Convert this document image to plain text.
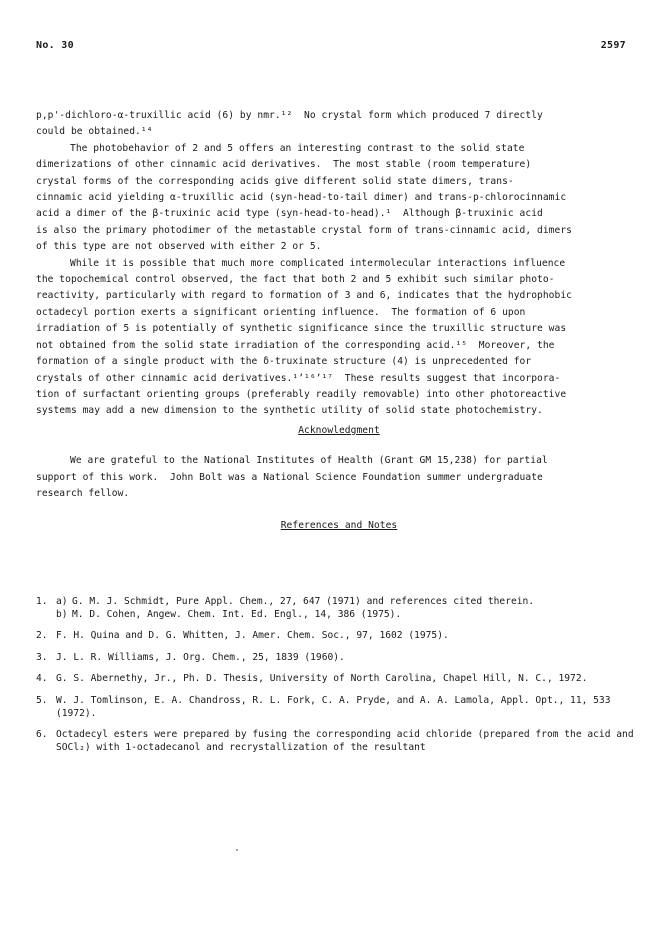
No. 30	2597
p,p'-dichloro-α-truxillic acid (6) by nmr.¹²  No crystal form which produced 7 directly
could be obtained.¹⁴
The photobehavior of 2 and 5 offers an interesting contrast to the solid state
dimerizations of other cinnamic acid derivatives.  The most stable (room temperature)
crystal forms of the corresponding acids give different solid state dimers, trans-
cinnamic acid yielding α-truxillic acid (syn-head-to-tail dimer) and trans-p-chlorocinnamic
acid a dimer of the β-truxinic acid type (syn-head-to-head).¹  Although β-truxinic acid
is also the primary photodimer of the metastable crystal form of trans-cinnamic acid, dimers
of this type are not observed with either 2 or 5.
While it is possible that much more complicated intermolecular interactions influence
the topochemical control observed, the fact that both 2 and 5 exhibit such similar photo-
reactivity, particularly with regard to formation of 3 and 6, indicates that the hydrophobic
octadecyl portion exerts a significant orienting influence.  The formation of 6 upon
irradiation of 5 is potentially of synthetic significance since the truxillic structure was
not obtained from the solid state irradiation of the corresponding acid.¹⁵  Moreover, the
formation of a single product with the δ-truxinate structure (4) is unprecedented for
crystals of other cinnamic acid derivatives.¹ʼ¹⁶ʼ¹⁷  These results suggest that incorpora-
tion of surfactant orienting groups (preferably readily removable) into other photoreactive
systems may add a new dimension to the synthetic utility of solid state photochemistry.
Acknowledgment
We are grateful to the National Institutes of Health (Grant GM 15,238) for partial
support of this work.  John Bolt was a National Science Foundation summer undergraduate
research fellow.
References and Notes
1. a) G. M. J. Schmidt, Pure Appl. Chem., 27, 647 (1971) and references cited therein.
b) M. D. Cohen, Angew. Chem. Int. Ed. Engl., 14, 386 (1975).
2. F. H. Quina and D. G. Whitten, J. Amer. Chem. Soc., 97, 1602 (1975).
3. J. L. R. Williams, J. Org. Chem., 25, 1839 (1960).
4. G. S. Abernethy, Jr., Ph. D. Thesis, University of North Carolina, Chapel Hill, N. C., 1972.
5. W. J. Tomlinson, E. A. Chandross, R. L. Fork, C. A. Pryde, and A. A. Lamola, Appl. Opt., 11, 533 (1972).
6. Octadecyl esters were prepared by fusing the corresponding acid chloride (prepared from the acid and SOCl₂) with 1-octadecanol and recrystallization of the resultant
